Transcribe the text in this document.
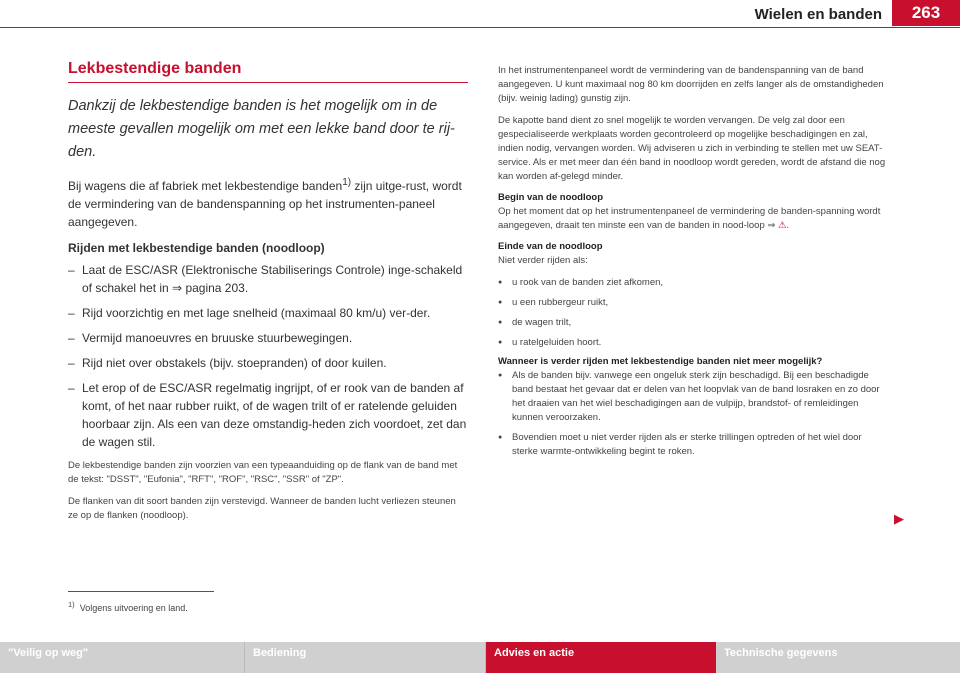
Wielen en banden	263
Lekbestendige banden

Dankzij de lekbestendige banden is het mogelijk om in de meeste gevallen mogelijk om met een lekke band door te rij-den.

Bij wagens die af fabriek met lekbestendige banden$^{1)}$ zijn uitge-rust, wordt de vermindering van de bandenspanning op het instrumenten-paneel aangegeven.

Rijden met lekbestendige banden (noodloop)
– Laat de ESC/ASR (Elektronische Stabiliserings Controle) inge-schakeld of schakel het in ⇒ pagina 203.
– Rijd voorzichtig en met lage snelheid (maximaal 80 km/u) ver-der.
– Vermijd manoeuvres en bruuske stuurbewegingen.
– Rijd niet over obstakels (bijv. stoepranden) of door kuilen.
– Let erop of de ESC/ASR regelmatig ingrijpt, of er rook van de banden af komt, of het naar rubber ruikt, of de wagen trilt of er ratelende geluiden hoorbaar zijn. Als een van deze omstandig-heden zich voordoet, zet dan de wagen stil.

De lekbestendige banden zijn voorzien van een typeaanduiding op de flank van de band met de tekst: "DSST", "Eufonia", "RFT", "ROF", "RSC", "SSR" of "ZP".

De flanken van dit soort banden zijn verstevigd. Wanneer de banden lucht verliezen steunen ze op de flanken (noodloop).

In het instrumentenpaneel wordt de vermindering van de bandenspanning van de band aangegeven. U kunt maximaal nog 80 km doorrijden en zelfs langer als de omstandigheden (bijv. weinig lading) gunstig zijn.

De kapotte band dient zo snel mogelijk te worden vervangen. De velg zal door een gespecialiseerde werkplaats worden gecontroleerd op mogelijke beschadigingen en zal, indien nodig, vervangen worden. Wij adviseren u zich in verbinding te stellen met uw SEAT-service. Als er met meer dan één band in noodloop wordt gereden, wordt de afstand die nog kan worden af-gelegd minder.

Begin van de noodloop

Op het moment dat op het instrumentenpaneel de vermindering de banden-spanning wordt aangegeven, draait ten minste een van de banden in nood-loop ⇒ ⚠.

Einde van de noodloop

Niet verder rijden als:

● u rook van de banden ziet afkomen,
● u een rubbergeur ruikt,
● de wagen trilt,
● u ratelgeluiden hoort.
Wanneer is verder rijden met lekbestendige banden niet meer mogelijk?
● Als de banden bijv. vanwege een ongeluk sterk zijn beschadigd. Bij een beschadigde band bestaat het gevaar dat er delen van het loopvlak van de band losraken en zo door het draaien van het wiel beschadigingen aan de vulpijp, brandstof- of remleidingen kunnen veroorzaken.
● Bovendien moet u niet verder rijden als er sterke trillingen optreden of het wiel door sterke warmte-ontwikkeling begint te roken.
▶
$^{1)}$ Volgens uitvoering en land.
"Veilig op weg"	Bediening	Advies en actie	Technische gegevens
